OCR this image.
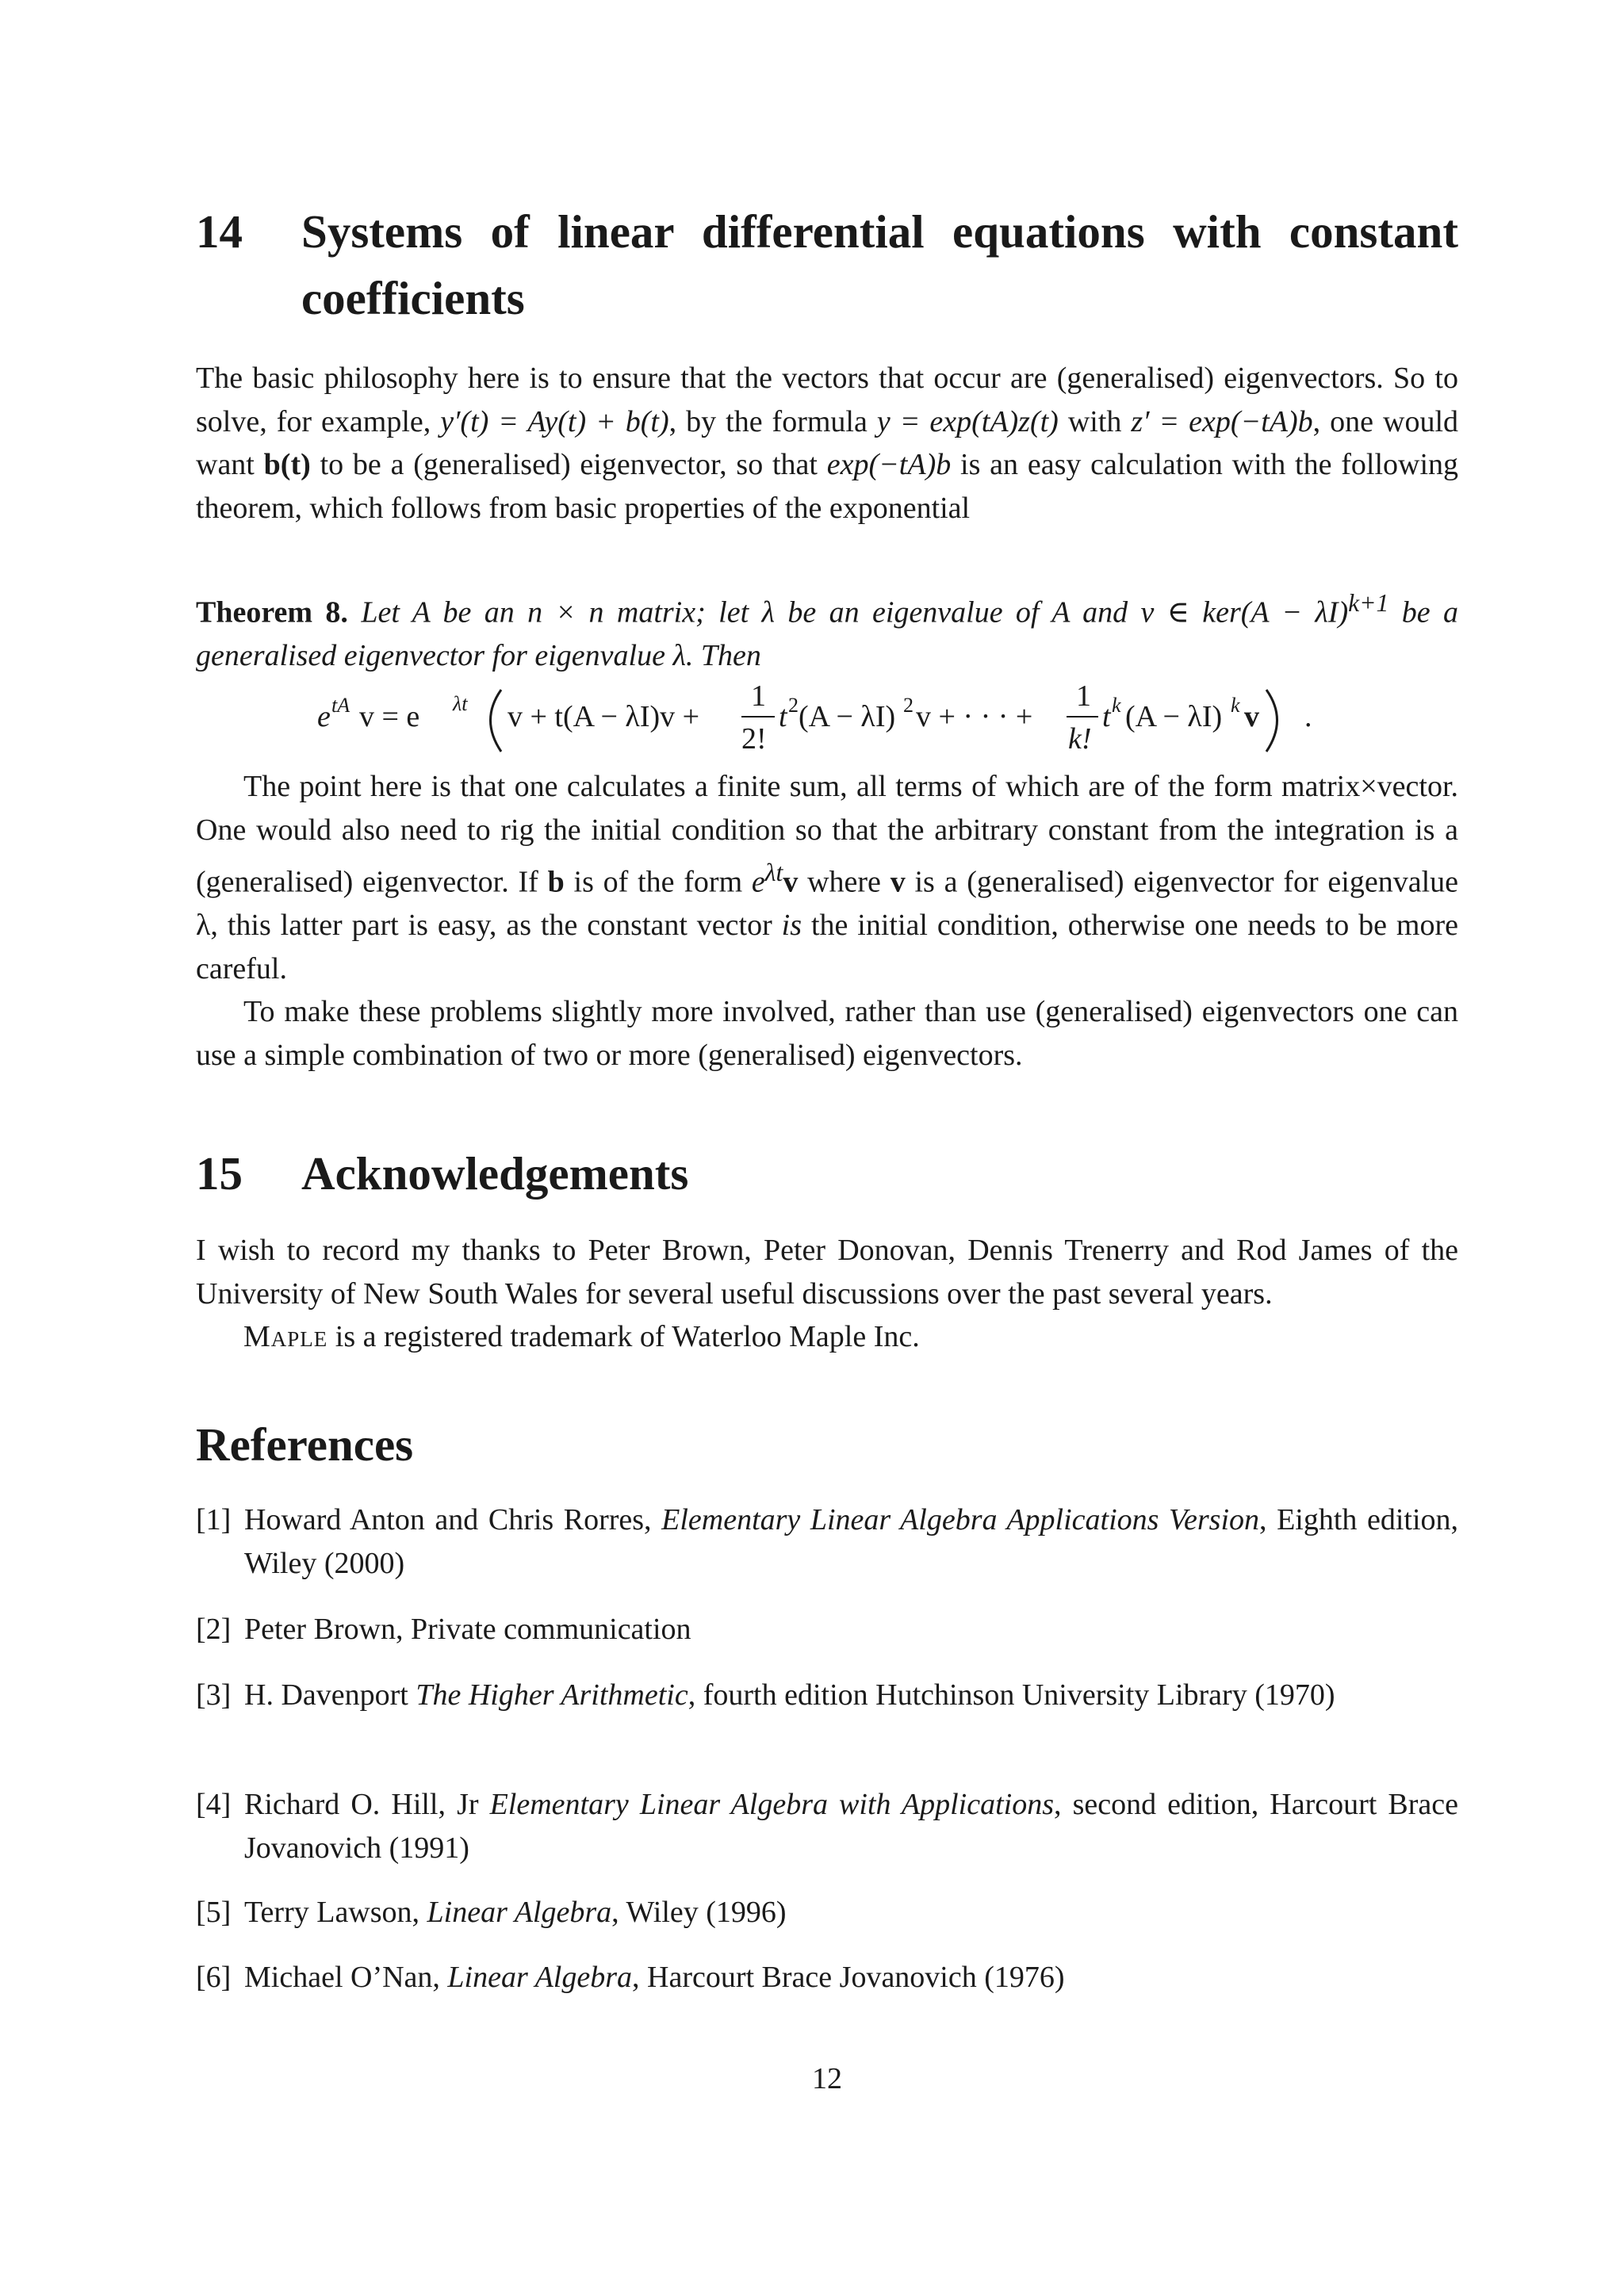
14	Systems of linear differential equations with constant coefficients

The basic philosophy here is to ensure that the vectors that occur are (generalised) eigenvectors. So to solve, for example, y′(t) = Ay(t) + b(t), by the formula y = exp(tA)z(t) with z′ = exp(−tA)b, one would want b(t) to be a (generalised) eigenvector, so that exp(−tA)b is an easy calculation with the following theorem, which follows from basic properties of the exponential

Theorem 8. Let A be an n × n matrix; let λ be an eigenvalue of A and v ∈ $ker(A - \lambda I)^{k+1}$ be a generalised eigenvector for eigenvalue λ. Then

e tA v = e λt v + t(A − λI)v +
1
2!
t 2 (A − λI) 2 v + · · · +
1
k!
t k (A − λI) k v .

The point here is that one calculates a finite sum, all terms of which are of the form matrix×vector. One would also need to rig the initial condition so that the arbitrary constant from the integration is a (generalised) eigenvector. If b is of the form $e^{\lambda t}v$ where v is a (generalised) eigenvector for eigenvalue λ, this latter part is easy, as the constant vector is the initial condition, otherwise one needs to be more careful.

To make these problems slightly more involved, rather than use (generalised) eigenvectors one can use a simple combination of two or more (generalised) eigenvectors.

15	Acknowledgements

I wish to record my thanks to Peter Brown, Peter Donovan, Dennis Trenerry and Rod James of the University of New South Wales for several useful discussions over the past several years.

Maple is a registered trademark of Waterloo Maple Inc.

References
[1] Howard Anton and Chris Rorres, Elementary Linear Algebra Applications Version, Eighth edition, Wiley (2000)
[2] Peter Brown, Private communication
[3] H. Davenport The Higher Arithmetic, fourth edition Hutchinson University Library (1970)
[4] Richard O. Hill, Jr Elementary Linear Algebra with Applications, second edition, Harcourt Brace Jovanovich (1991)
[5] Terry Lawson, Linear Algebra, Wiley (1996)
[6] Michael O’Nan, Linear Algebra, Harcourt Brace Jovanovich (1976)
12
